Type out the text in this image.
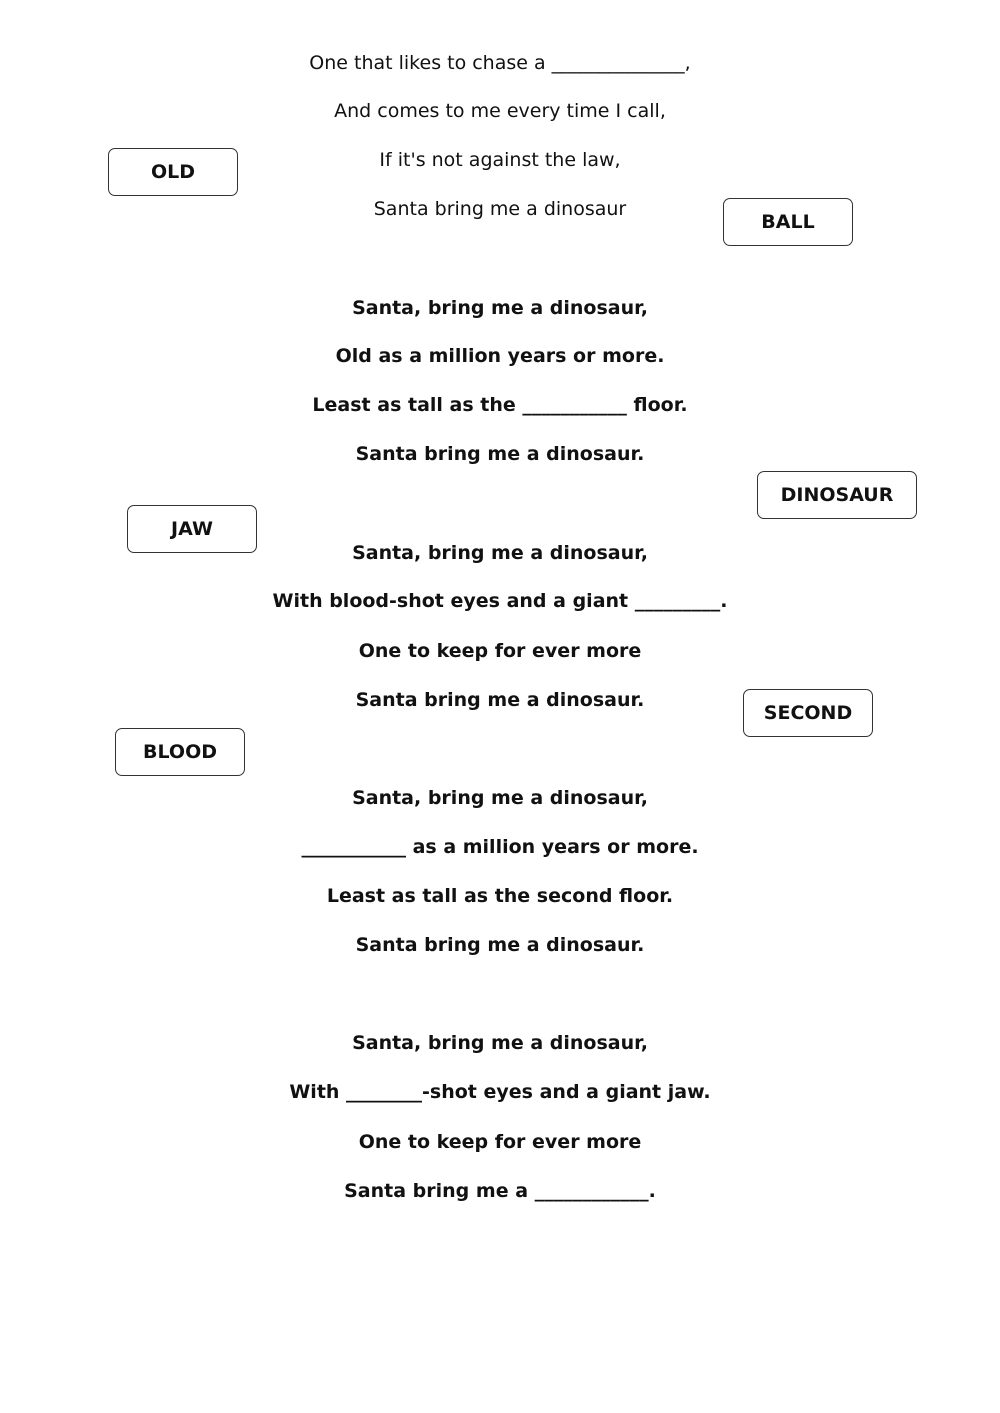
One that likes to chase a ______________,
And comes to me every time I call,
If it's not against the law,
Santa bring me a dinosaur
Santa, bring me a dinosaur,
Old as a million years or more.
Least as tall as the ___________ floor.
Santa bring me a dinosaur.
Santa, bring me a dinosaur,
With blood-shot eyes and a giant _________.
One to keep for ever more
Santa bring me a dinosaur.
Santa, bring me a dinosaur,
___________ as a million years or more.
Least as tall as the second floor.
Santa bring me a dinosaur.
Santa, bring me a dinosaur,
With ________-shot eyes and a giant jaw.
One to keep for ever more
Santa bring me a ____________.
OLD
BALL
DINOSAUR
JAW
SECOND
BLOOD
